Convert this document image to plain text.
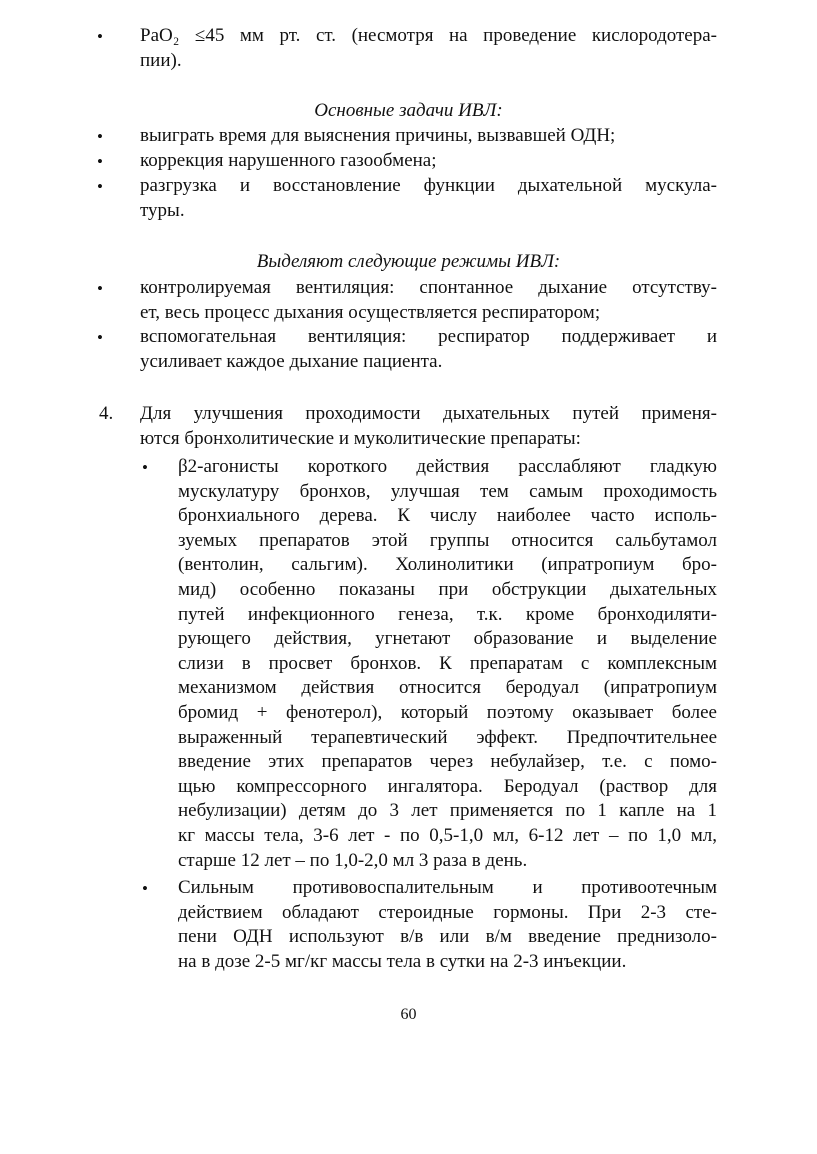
• PaO₂ ≤45 мм рт. ст. (несмотря на проведение кислородотера-
пии).
Основные задачи ИВЛ:
• выиграть время для выяснения причины, вызвавшей ОДН;
• коррекция нарушенного газообмена;
• разгрузка и восстановление функции дыхательной мускула-
туры.
Выделяют следующие режимы ИВЛ:
• контролируемая вентиляция: спонтанное дыхание отсутству-
ет, весь процесс дыхания осуществляется респиратором;
• вспомогательная вентиляция: респиратор поддерживает и
усиливает каждое дыхание пациента.
4. Для улучшения проходимости дыхательных путей применя-
ются бронхолитические и муколитические препараты:
• β2-агонисты короткого действия расслабляют гладкую
мускулатуру бронхов, улучшая тем самым проходимость
бронхиального дерева. К числу наиболее часто исполь-
зуемых препаратов этой группы относится сальбутамол
(вентолин, сальгим). Холинолитики (ипратропиум бро-
мид) особенно показаны при обструкции дыхательных
путей инфекционного генеза, т.к. кроме бронходиляти-
рующего действия, угнетают образование и выделение
слизи в просвет бронхов. К препаратам с комплексным
механизмом действия относится беродуал (ипратропиум
бромид + фенотерол), который поэтому оказывает более
выраженный терапевтический эффект. Предпочтительнее
введение этих препаратов через небулайзер, т.е. с помо-
щью компрессорного ингалятора. Беродуал (раствор для
небулизации) детям до 3 лет применяется по 1 капле на 1
кг массы тела, 3-6 лет - по 0,5-1,0 мл, 6-12 лет – по 1,0 мл,
старше 12 лет – по 1,0-2,0 мл 3 раза в день.
• Сильным противовоспалительным и противоотечным
действием обладают стероидные гормоны. При 2-3 сте-
пени ОДН используют в/в или в/м введение преднизоло-
на в дозе 2-5 мг/кг массы тела в сутки на 2-3 инъекции.
60
